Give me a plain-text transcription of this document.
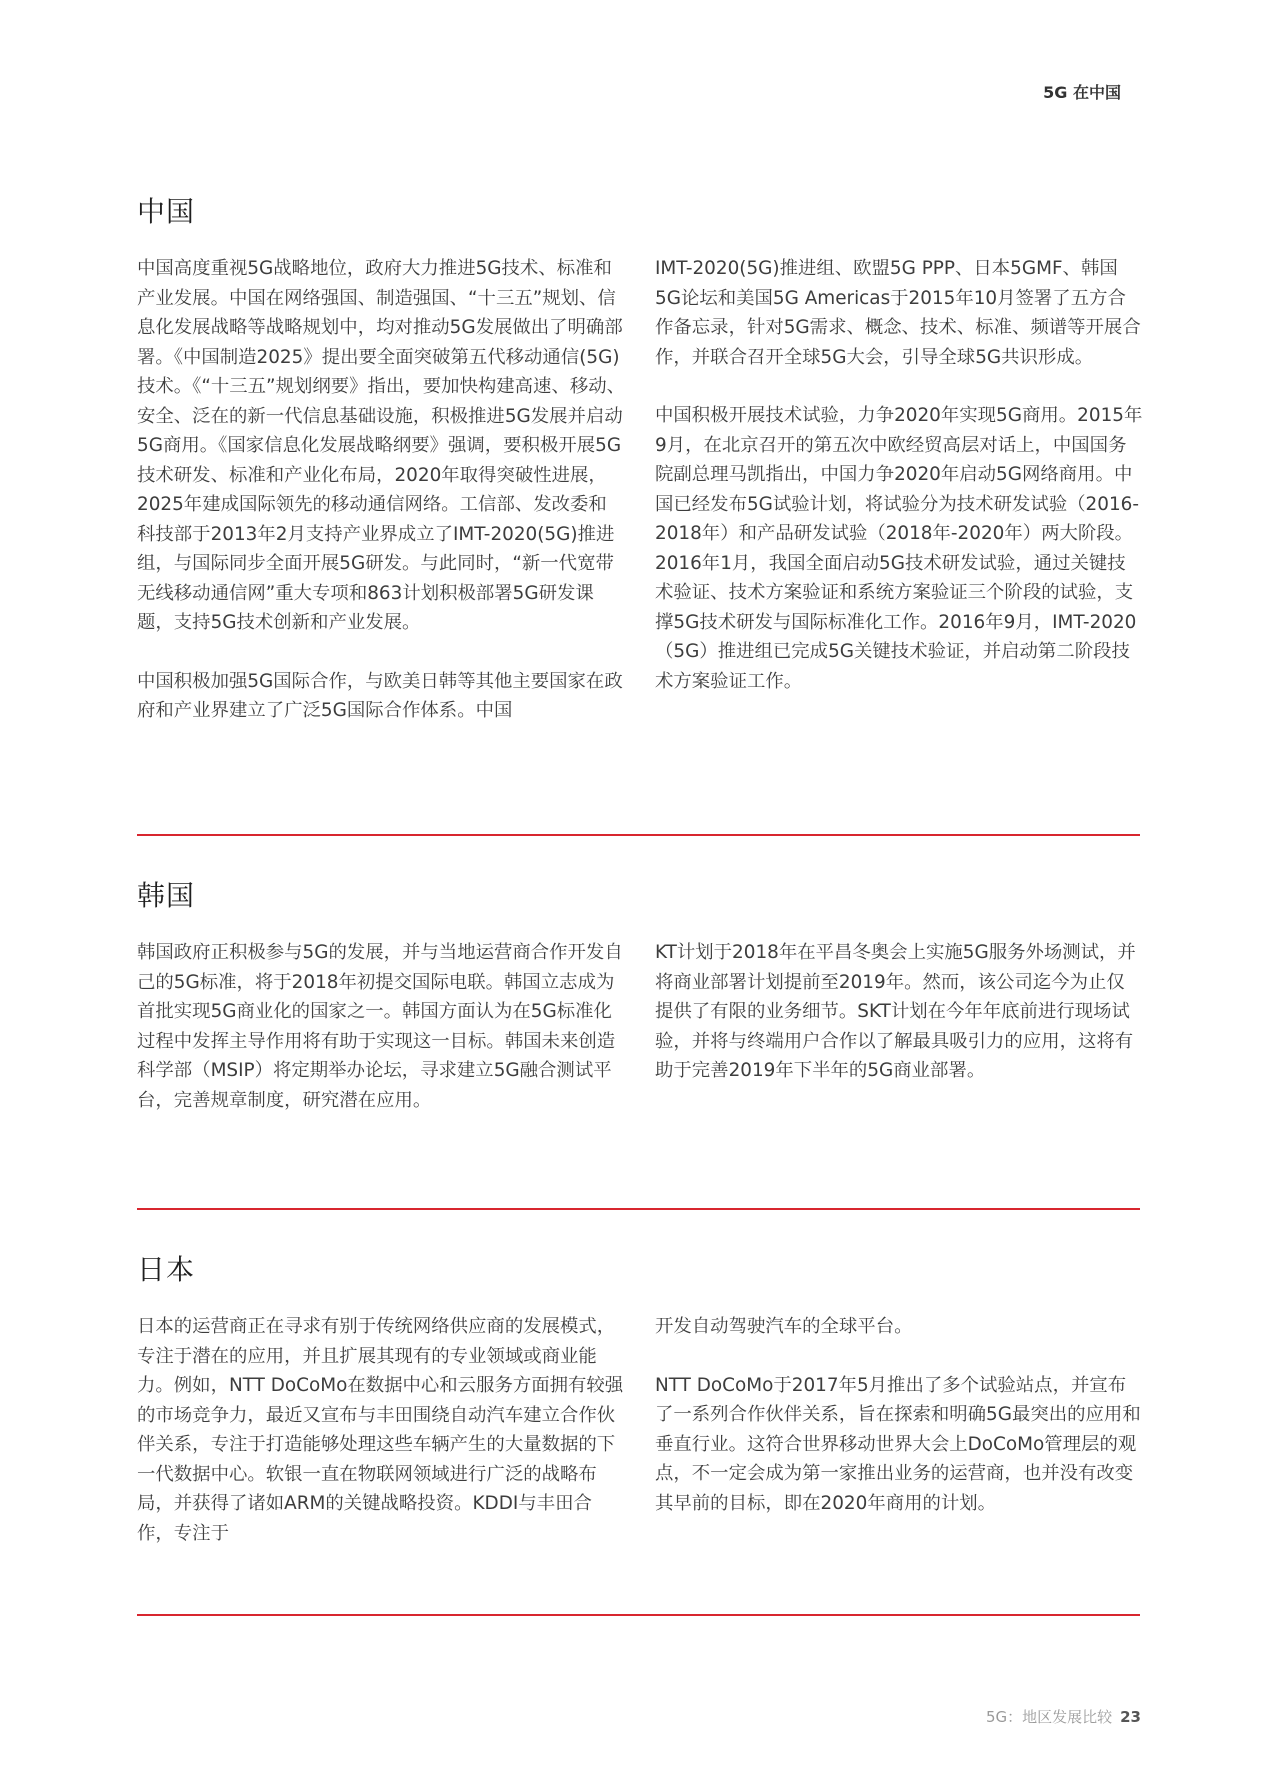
5G 在中国
中国

中国高度重视5G战略地位，政府大力推进5G技术、标准和产业发展。中国在网络强国、制造强国、“十三五”规划、信息化发展战略等战略规划中，均对推动5G发展做出了明确部署。《中国制造2025》提出要全面突破第五代移动通信(5G)技术。《“十三五”规划纲要》指出，要加快构建高速、移动、安全、泛在的新一代信息基础设施，积极推进5G发展并启动5G商用。《国家信息化发展战略纲要》强调，要积极开展5G技术研发、标准和产业化布局，2020年取得突破性进展，2025年建成国际领先的移动通信网络。工信部、发改委和科技部于2013年2月支持产业界成立了IMT-2020(5G)推进组，与国际同步全面开展5G研发。与此同时，“新一代宽带无线移动通信网”重大专项和863计划积极部署5G研发课题，支持5G技术创新和产业发展。

中国积极加强5G国际合作，与欧美日韩等其他主要国家在政府和产业界建立了广泛5G国际合作体系。中国

IMT-2020(5G)推进组、欧盟5G PPP、日本5GMF、韩国5G论坛和美国5G Americas于2015年10月签署了五方合作备忘录，针对5G需求、概念、技术、标准、频谱等开展合作，并联合召开全球5G大会，引导全球5G共识形成。

中国积极开展技术试验，力争2020年实现5G商用。2015年9月，在北京召开的第五次中欧经贸高层对话上，中国国务院副总理马凯指出，中国力争2020年启动5G网络商用。中国已经发布5G试验计划，将试验分为技术研发试验（2016-2018年）和产品研发试验（2018年-2020年）两大阶段。2016年1月，我国全面启动5G技术研发试验，通过关键技术验证、技术方案验证和系统方案验证三个阶段的试验，支撑5G技术研发与国际标准化工作。2016年9月，IMT-2020（5G）推进组已完成5G关键技术验证，并启动第二阶段技术方案验证工作。

韩国

韩国政府正积极参与5G的发展，并与当地运营商合作开发自己的5G标准，将于2018年初提交国际电联。韩国立志成为首批实现5G商业化的国家之一。韩国方面认为在5G标准化过程中发挥主导作用将有助于实现这一目标。韩国未来创造科学部（MSIP）将定期举办论坛，寻求建立5G融合测试平台，完善规章制度，研究潜在应用。

KT计划于2018年在平昌冬奥会上实施5G服务外场测试，并将商业部署计划提前至2019年。然而，该公司迄今为止仅提供了有限的业务细节。SKT计划在今年年底前进行现场试验，并将与终端用户合作以了解最具吸引力的应用，这将有助于完善2019年下半年的5G商业部署。

日本

日本的运营商正在寻求有别于传统网络供应商的发展模式，专注于潜在的应用，并且扩展其现有的专业领域或商业能力。例如，NTT DoCoMo在数据中心和云服务方面拥有较强的市场竞争力，最近又宣布与丰田围绕自动汽车建立合作伙伴关系，专注于打造能够处理这些车辆产生的大量数据的下一代数据中心。软银一直在物联网领域进行广泛的战略布局，并获得了诸如ARM的关键战略投资。KDDI与丰田合作，专注于

开发自动驾驶汽车的全球平台。

NTT DoCoMo于2017年5月推出了多个试验站点，并宣布了一系列合作伙伴关系，旨在探索和明确5G最突出的应用和垂直行业。这符合世界移动世界大会上DoCoMo管理层的观点，不一定会成为第一家推出业务的运营商，也并没有改变其早前的目标，即在2020年商用的计划。

5G：地区发展比较 23
